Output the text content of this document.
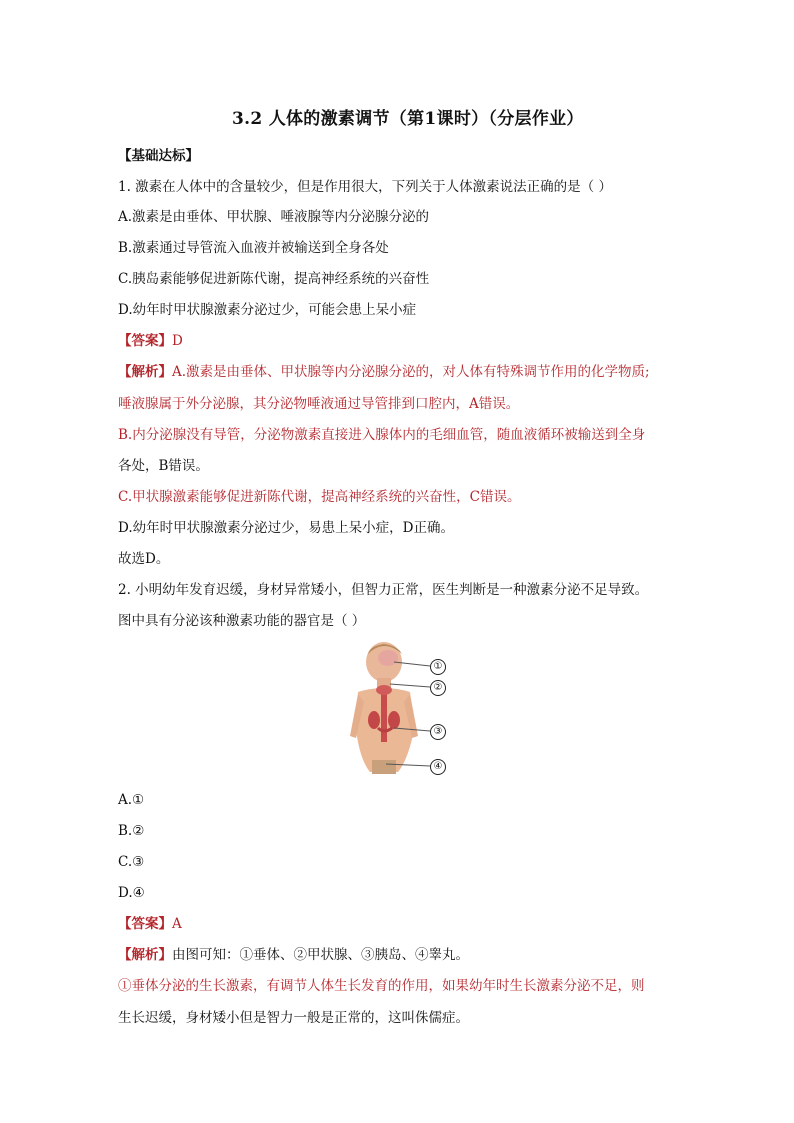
3.2 人体的激素调节（第1课时）（分层作业）
【基础达标】
1. 激素在人体中的含量较少，但是作用很大，下列关于人体激素说法正确的是（ ）
A.激素是由垂体、甲状腺、唾液腺等内分泌腺分泌的
B.激素通过导管流入血液并被输送到全身各处
C.胰岛素能够促进新陈代谢，提高神经系统的兴奋性
D.幼年时甲状腺激素分泌过少，可能会患上呆小症
【答案】D
【解析】A.激素是由垂体、甲状腺等内分泌腺分泌的，对人体有特殊调节作用的化学物质;
唾液腺属于外分泌腺，其分泌物唾液通过导管排到口腔内，A错误。
B.内分泌腺没有导管，分泌物激素直接进入腺体内的毛细血管，随血液循环被输送到全身
各处，B错误。
C.甲状腺激素能够促进新陈代谢，提高神经系统的兴奋性，C错误。
D.幼年时甲状腺激素分泌过少，易患上呆小症，D正确。
故选D。
2. 小明幼年发育迟缓，身材异常矮小，但智力正常，医生判断是一种激素分泌不足导致。
图中具有分泌该种激素功能的器官是（ ）
①
②
③
④
A.①
B.②
C.③
D.④
【答案】A
【解析】由图可知：①垂体、②甲状腺、③胰岛、④睾丸。
①垂体分泌的生长激素，有调节人体生长发育的作用，如果幼年时生长激素分泌不足，则
生长迟缓，身材矮小但是智力一般是正常的，这叫侏儒症。
